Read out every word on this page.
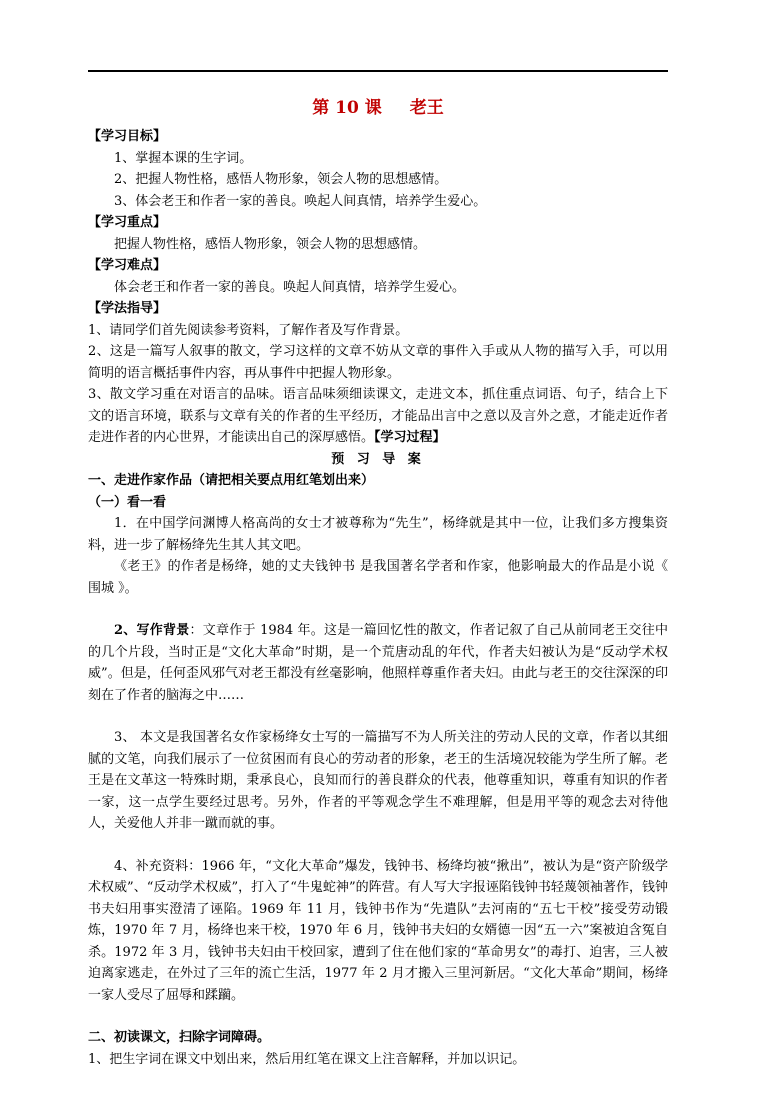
第 10 课 老王
【学习目标】
1、掌握本课的生字词。
2、把握人物性格，感悟人物形象，领会人物的思想感情。
3、体会老王和作者一家的善良。唤起人间真情，培养学生爱心。
【学习重点】
把握人物性格，感悟人物形象，领会人物的思想感情。
【学习难点】
体会老王和作者一家的善良。唤起人间真情，培养学生爱心。
【学法指导】
1、请同学们首先阅读参考资料，了解作者及写作背景。
2、这是一篇写人叙事的散文，学习这样的文章不妨从文章的事件入手或从人物的描写入手，可以用简明的语言概括事件内容，再从事件中把握人物形象。
3、散文学习重在对语言的品味。语言品味须细读课文，走进文本，抓住重点词语、句子，结合上下文的语言环境，联系与文章有关的作者的生平经历，才能品出言中之意以及言外之意，才能走近作者走进作者的内心世界，才能读出自己的深厚感悟。【学习过程】
预 习 导 案
一、走进作家作品（请把相关要点用红笔划出来）
（一）看一看
1．在中国学问渊博人格高尚的女士才被尊称为“先生”，杨绛就是其中一位，让我们多方搜集资料，进一步了解杨绛先生其人其文吧。
《老王》的作者是杨绛，她的丈夫钱钟书 是我国著名学者和作家，他影响最大的作品是小说《 围城 》。
2、写作背景：文章作于 1984 年。这是一篇回忆性的散文，作者记叙了自己从前同老王交往中的几个片段，当时正是“文化大革命”时期，是一个荒唐动乱的年代，作者夫妇被认为是“反动学术权威”。但是，任何歪风邪气对老王都没有丝毫影响，他照样尊重作者夫妇。由此与老王的交往深深的印刻在了作者的脑海之中……
3、 本文是我国著名女作家杨绛女士写的一篇描写不为人所关注的劳动人民的文章，作者以其细腻的文笔，向我们展示了一位贫困而有良心的劳动者的形象，老王的生活境况较能为学生所了解。老王是在文革这一特殊时期，秉承良心，良知而行的善良群众的代表，他尊重知识，尊重有知识的作者一家，这一点学生要经过思考。另外，作者的平等观念学生不难理解，但是用平等的观念去对待他人，关爱他人并非一蹴而就的事。
4、补充资料：1966 年，“文化大革命”爆发，钱钟书、杨绛均被“揪出”，被认为是“资产阶级学术权威”、“反动学术权威”，打入了“牛鬼蛇神”的阵营。有人写大字报诬陷钱钟书轻蔑领袖著作，钱钟书夫妇用事实澄清了诬陷。1969 年 11 月，钱钟书作为“先遣队”去河南的“五七干校”接受劳动锻炼，1970 年 7 月，杨绛也来干校，1970 年 6 月，钱钟书夫妇的女婿德一因“五一六”案被迫含冤自杀。1972 年 3 月，钱钟书夫妇由干校回家，遭到了住在他们家的“革命男女”的毒打、迫害，三人被迫离家逃走，在外过了三年的流亡生活，1977 年 2 月才搬入三里河新居。“文化大革命”期间，杨绛一家人受尽了屈辱和蹂躏。
二、初读课文，扫除字词障碍。
1、把生字词在课文中划出来，然后用红笔在课文上注音解释，并加以识记。
